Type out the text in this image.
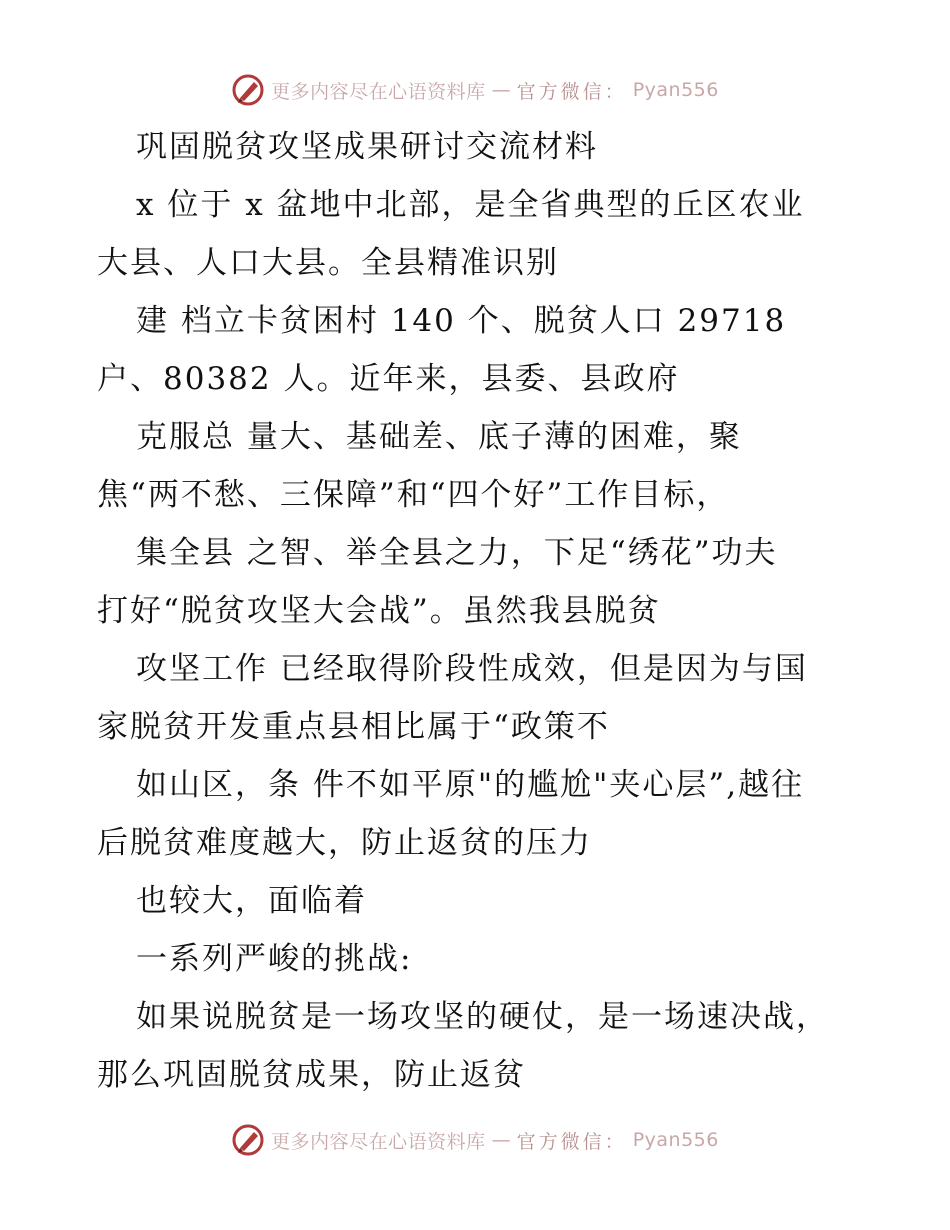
更多内容尽在心语资料库 — 官方微信： Pyan556
巩固脱贫攻坚成果研讨交流材料
x 位于 x 盆地中北部，是全省典型的丘区农业
大县、人口大县。全县精准识别
建 档立卡贫困村 140 个、脱贫人口 29718
户、80382 人。近年来，县委、县政府
克服总 量大、基础差、底子薄的困难，聚
焦“两不愁、三保障”和“四个好”工作目标，
集全县 之智、举全县之力，下足“绣花”功夫
打好“脱贫攻坚大会战”。虽然我县脱贫
攻坚工作 已经取得阶段性成效，但是因为与国
家脱贫开发重点县相比属于“政策不
如山区，条 件不如平原"的尴尬"夹心层”,越往
后脱贫难度越大，防止返贫的压力
也较大，面临着
一系列严峻的挑战:
如果说脱贫是一场攻坚的硬仗，是一场速决战，
那么巩固脱贫成果，防止返贫
更多内容尽在心语资料库 — 官方微信： Pyan556
